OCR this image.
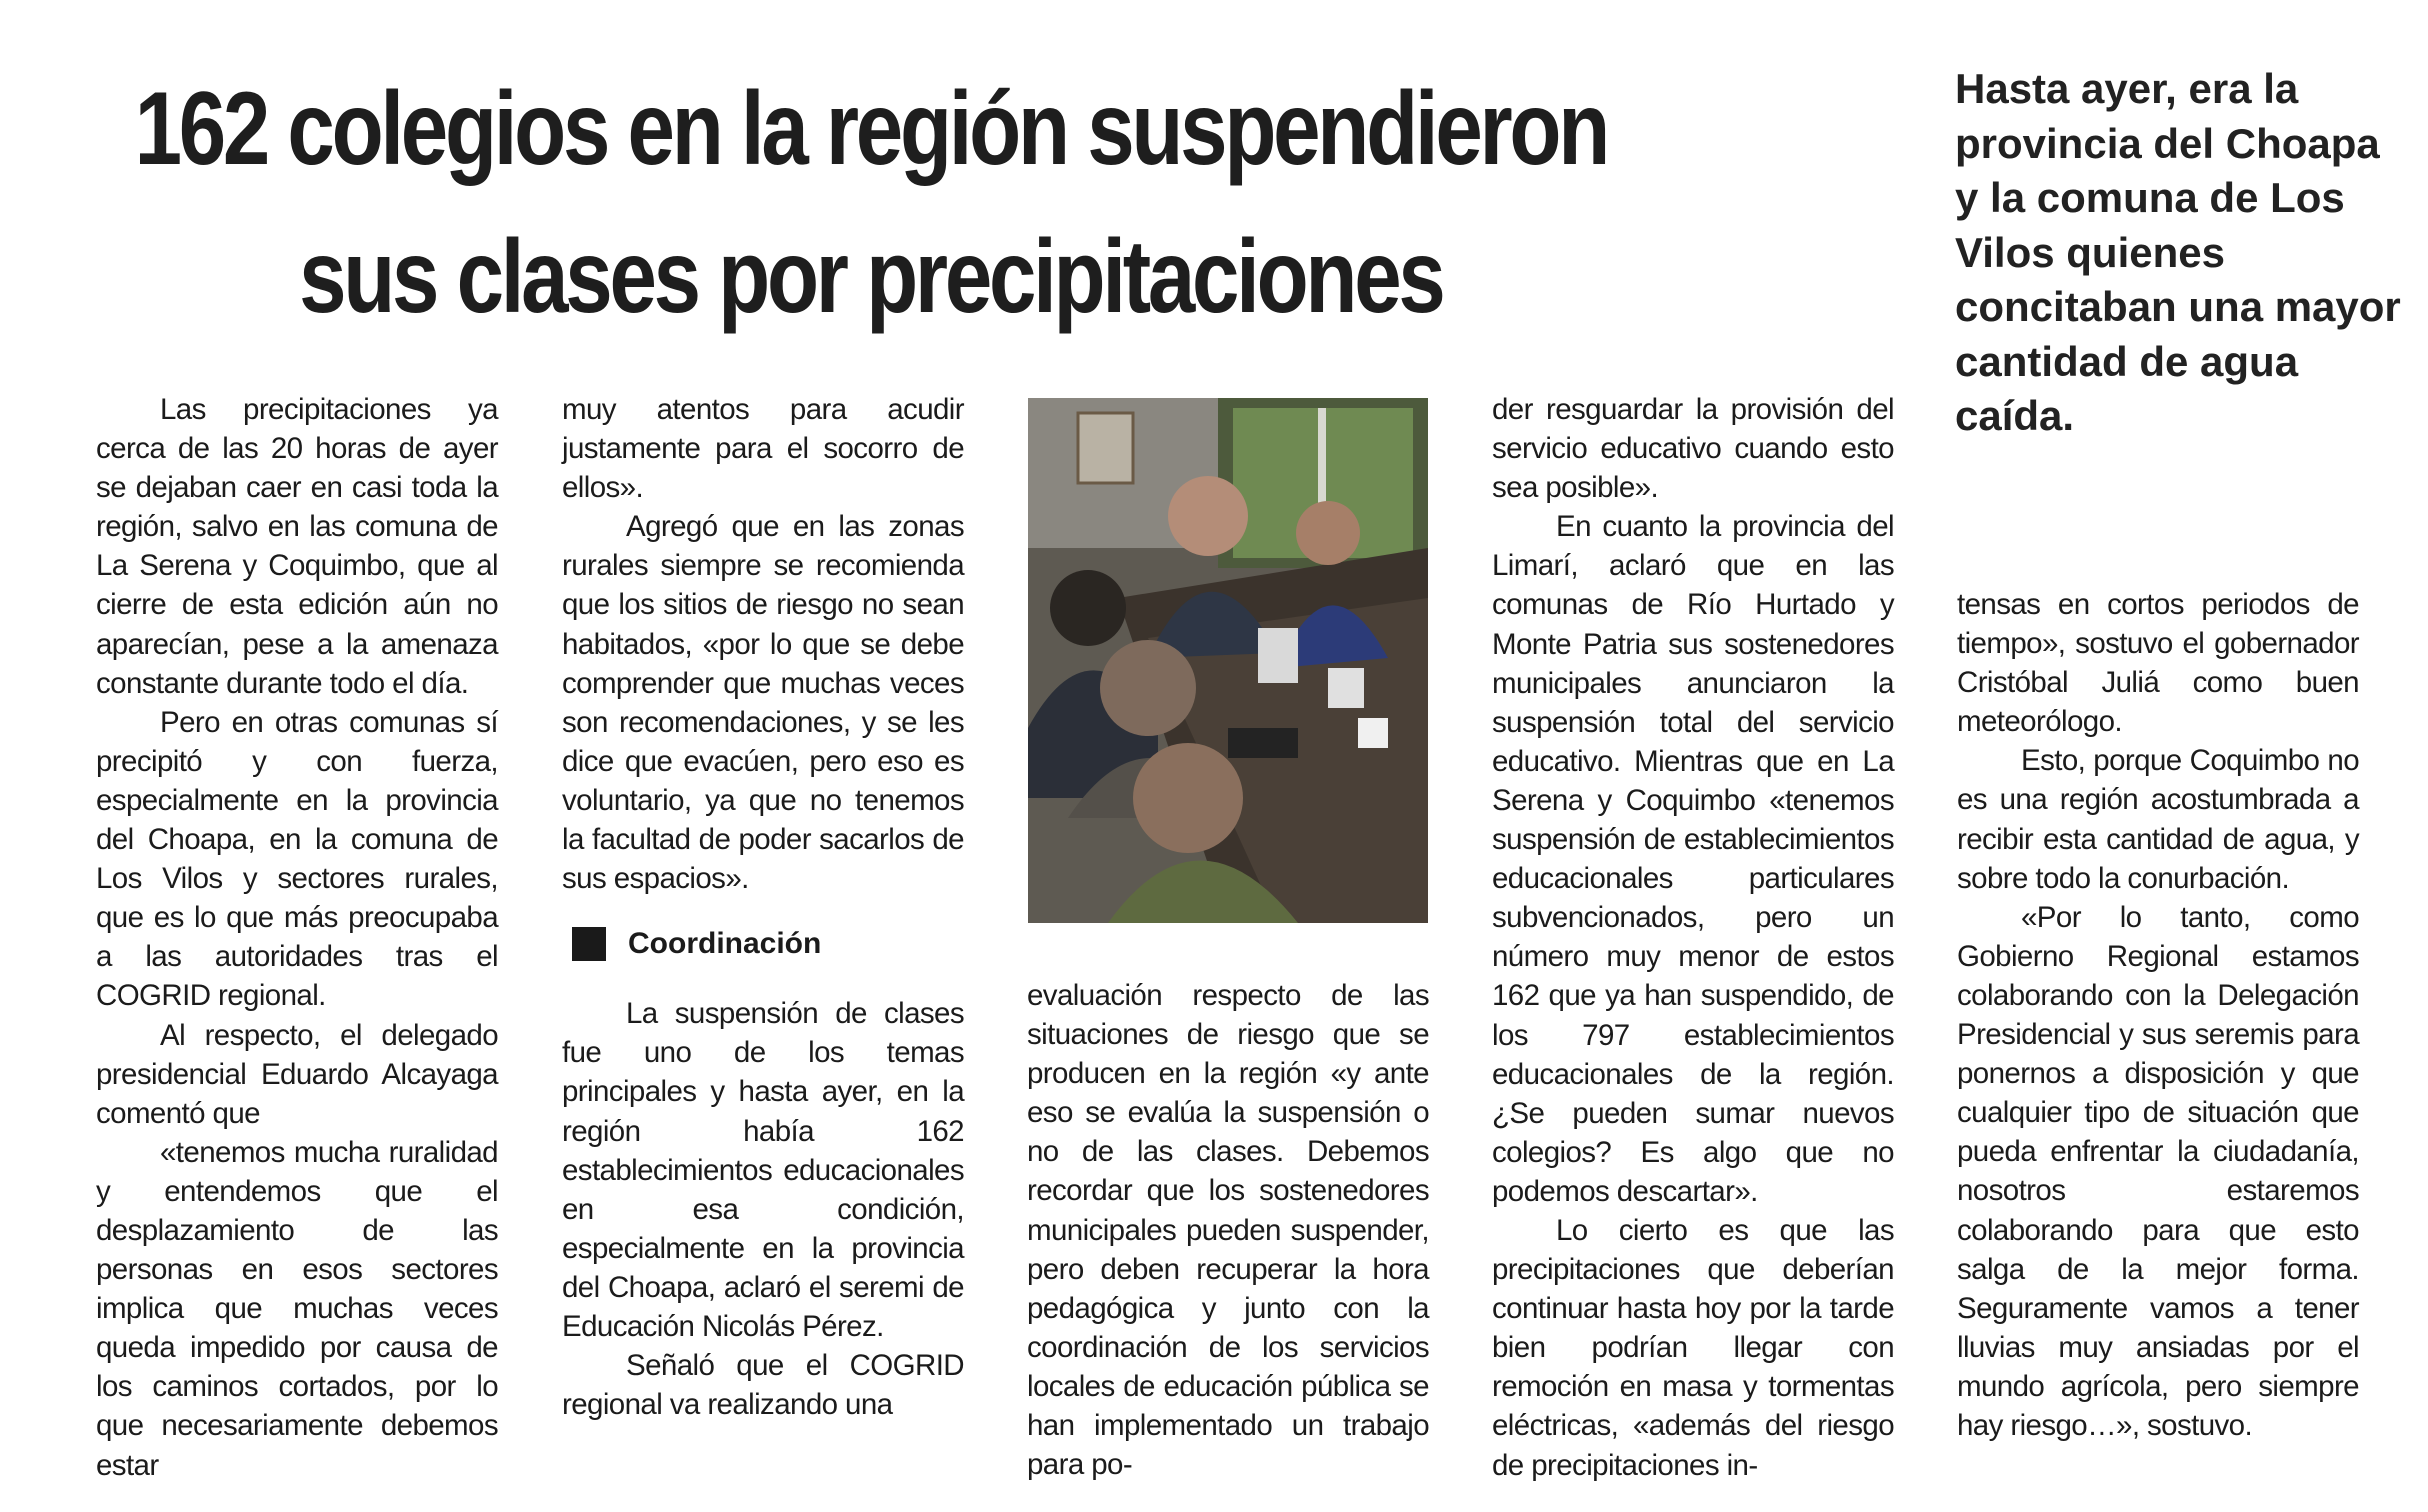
162 colegios en la región suspendieron
sus clases por precipitaciones

Hasta ayer, era la provincia del Choapa y la comuna de Los Vilos quienes concitaban una mayor cantidad de agua caída.

Las precipitaciones ya cerca de las 20 horas de ayer se dejaban caer en casi toda la región, salvo en las comuna de La Serena y Coquimbo, que al cierre de esta edición aún no aparecían, pese a la amenaza constante durante todo el día.

Pero en otras comunas sí precipitó y con fuerza, especialmente en la provincia del Choapa, en la comuna de Los Vilos y sectores rurales, que es lo que más preocupaba a las autoridades tras el COGRID regional.

Al respecto, el delegado presidencial Eduardo Alcayaga comentó que

«tenemos mucha ruralidad y entendemos que el desplazamiento de las personas en esos sectores implica que muchas veces queda impedido por causa de los caminos cortados, por lo que necesariamente debemos estar

muy atentos para acudir justamente para el socorro de ellos».

Agregó que en las zonas rurales siempre se recomienda que los sitios de riesgo no sean habitados, «por lo que se debe comprender que muchas veces son recomendaciones, y se les dice que evacúen, pero eso es voluntario, ya que no tenemos la facultad de poder sacarlos de sus espacios».

Coordinación

La suspensión de clases fue uno de los temas principales y hasta ayer, en la región había 162 establecimientos educacionales en esa condición, especialmente en la provincia del Choapa, aclaró el seremi de Educación Nicolás Pérez.

Señaló que el COGRID regional va realizando una

evaluación respecto de las situaciones de riesgo que se producen en la región «y ante eso se evalúa la suspensión o no de las clases. Debemos recordar que los sostenedores municipales pueden suspender, pero deben recuperar la hora pedagógica y junto con la coordinación de los servicios locales de educación pública se han implementado un trabajo para po-

der resguardar la provisión del servicio educativo cuando esto sea posible».

En cuanto la provincia del Limarí, aclaró que en las comunas de Río Hurtado y Monte Patria sus sostenedores municipales anunciaron la suspensión total del servicio educativo. Mientras que en La Serena y Coquimbo «tenemos suspensión de establecimientos educacionales particulares subvencionados, pero un número muy menor de estos 162 que ya han suspendido, de los 797 establecimientos educacionales de la región. ¿Se pueden sumar nuevos colegios? Es algo que no podemos descartar».

Lo cierto es que las precipitaciones que deberían continuar hasta hoy por la tarde bien podrían llegar con remoción en masa y tormentas eléctricas, «además del riesgo de precipitaciones in-

tensas en cortos periodos de tiempo», sostuvo el gobernador Cristóbal Juliá como buen meteorólogo.

Esto, porque Coquimbo no es una región acostumbrada a recibir esta cantidad de agua, y sobre todo la conurbación.

«Por lo tanto, como Gobierno Regional estamos colaborando con la Delegación Presidencial y sus seremis para ponernos a disposición y que cualquier tipo de situación que pueda enfrentar la ciudadanía, nosotros estaremos colaborando para que esto salga de la mejor forma. Seguramente vamos a tener lluvias muy ansiadas por el mundo agrícola, pero siempre hay riesgo…», sostuvo.
